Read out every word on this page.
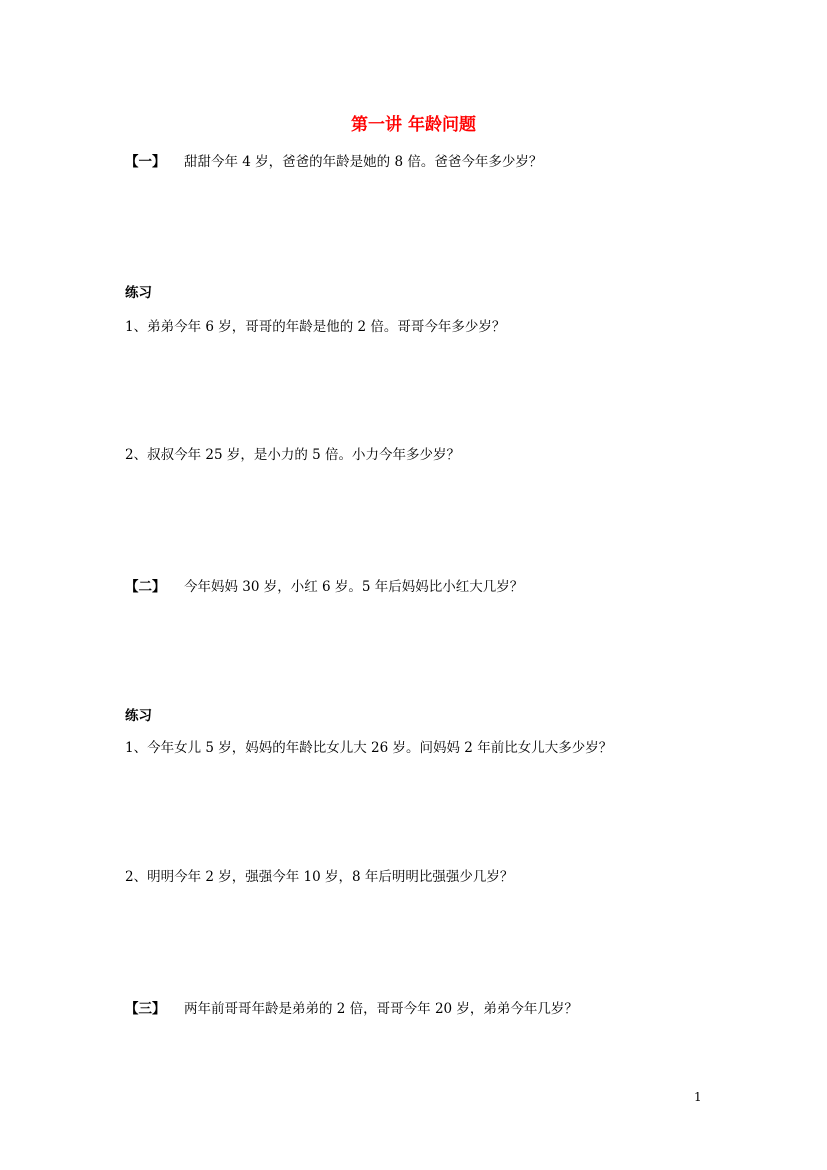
第一讲 年龄问题
【一】 甜甜今年 4 岁，爸爸的年龄是她的 8 倍。爸爸今年多少岁？
练习
1、弟弟今年 6 岁，哥哥的年龄是他的 2 倍。哥哥今年多少岁？
2、叔叔今年 25 岁，是小力的 5 倍。小力今年多少岁？
【二】 今年妈妈 30 岁，小红 6 岁。5 年后妈妈比小红大几岁？
练习
1、今年女儿 5 岁，妈妈的年龄比女儿大 26 岁。问妈妈 2 年前比女儿大多少岁？
2、明明今年 2 岁，强强今年 10 岁，8 年后明明比强强少几岁？
【三】 两年前哥哥年龄是弟弟的 2 倍，哥哥今年 20 岁，弟弟今年几岁？
1
